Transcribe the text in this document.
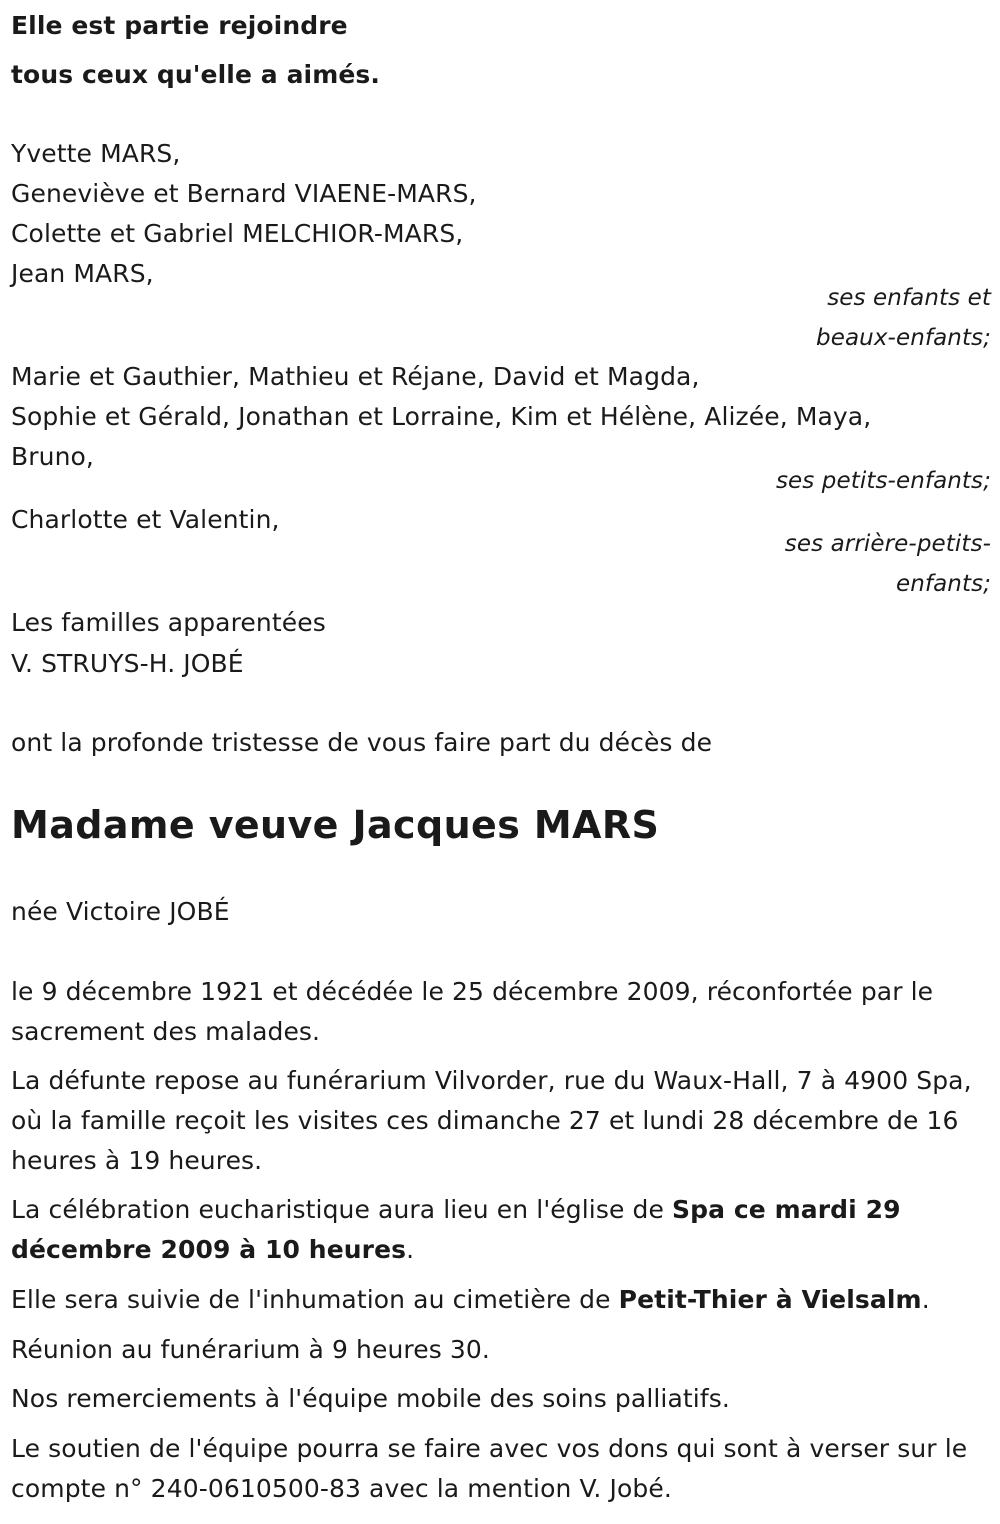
Elle est partie rejoindre
tous ceux qu'elle a aimés.
Yvette MARS,
Geneviève et Bernard VIAENE-MARS,
Colette et Gabriel MELCHIOR-MARS,
Jean MARS,
ses enfants et
beaux-enfants;
Marie et Gauthier, Mathieu et Réjane, David et Magda,
Sophie et Gérald, Jonathan et Lorraine, Kim et Hélène, Alizée, Maya,
Bruno,
ses petits-enfants;
Charlotte et Valentin,
ses arrière-petits-
enfants;
Les familles apparentées
V. STRUYS-H. JOBÉ
ont la profonde tristesse de vous faire part du décès de
Madame veuve Jacques MARS
née Victoire JOBÉ
le 9 décembre 1921 et décédée le 25 décembre 2009, réconfortée par le sacrement des malades.
La défunte repose au funérarium Vilvorder, rue du Waux-Hall, 7 à 4900 Spa, où la famille reçoit les visites ces dimanche 27 et lundi 28 décembre de 16 heures à 19 heures.
La célébration eucharistique aura lieu en l'église de Spa ce mardi 29 décembre 2009 à 10 heures.
Elle sera suivie de l'inhumation au cimetière de Petit-Thier à Vielsalm.
Réunion au funérarium à 9 heures 30.
Nos remerciements à l'équipe mobile des soins palliatifs.
Le soutien de l'équipe pourra se faire avec vos dons qui sont à verser sur le compte n° 240-0610500-83 avec la mention V. Jobé.
